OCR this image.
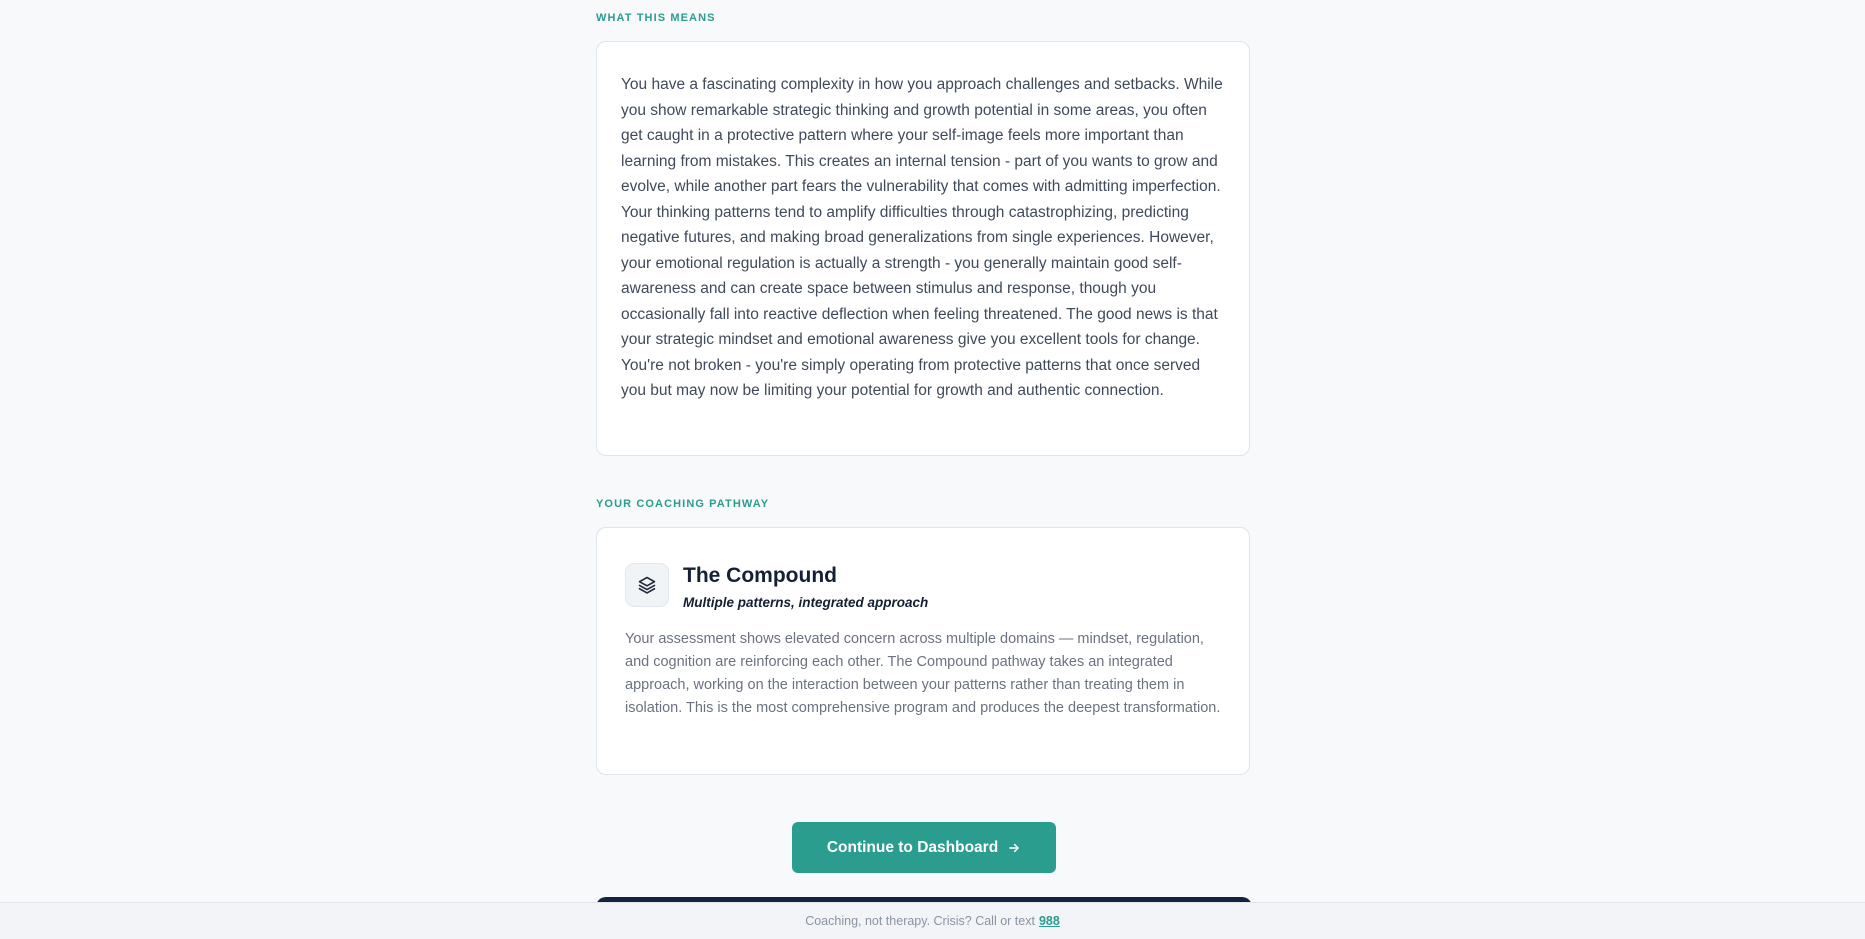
WHAT THIS MEANS

You have a fascinating complexity in how you approach challenges and setbacks. While you show remarkable strategic thinking and growth potential in some areas, you often get caught in a protective pattern where your self-image feels more important than learning from mistakes. This creates an internal tension - part of you wants to grow and evolve, while another part fears the vulnerability that comes with admitting imperfection. Your thinking patterns tend to amplify difficulties through catastrophizing, predicting negative futures, and making broad generalizations from single experiences. However, your emotional regulation is actually a strength - you generally maintain good self-awareness and can create space between stimulus and response, though you occasionally fall into reactive deflection when feeling threatened. The good news is that your strategic mindset and emotional awareness give you excellent tools for change. You're not broken - you're simply operating from protective patterns that once served you but may now be limiting your potential for growth and authentic connection.

YOUR COACHING PATHWAY
The Compound
Multiple patterns, integrated approach

Your assessment shows elevated concern across multiple domains — mindset, regulation, and cognition are reinforcing each other. The Compound pathway takes an integrated approach, working on the interaction between your patterns rather than treating them in isolation. This is the most comprehensive program and produces the deepest transformation.

Continue to Dashboard
Coaching, not therapy. Crisis? Call or text 988
